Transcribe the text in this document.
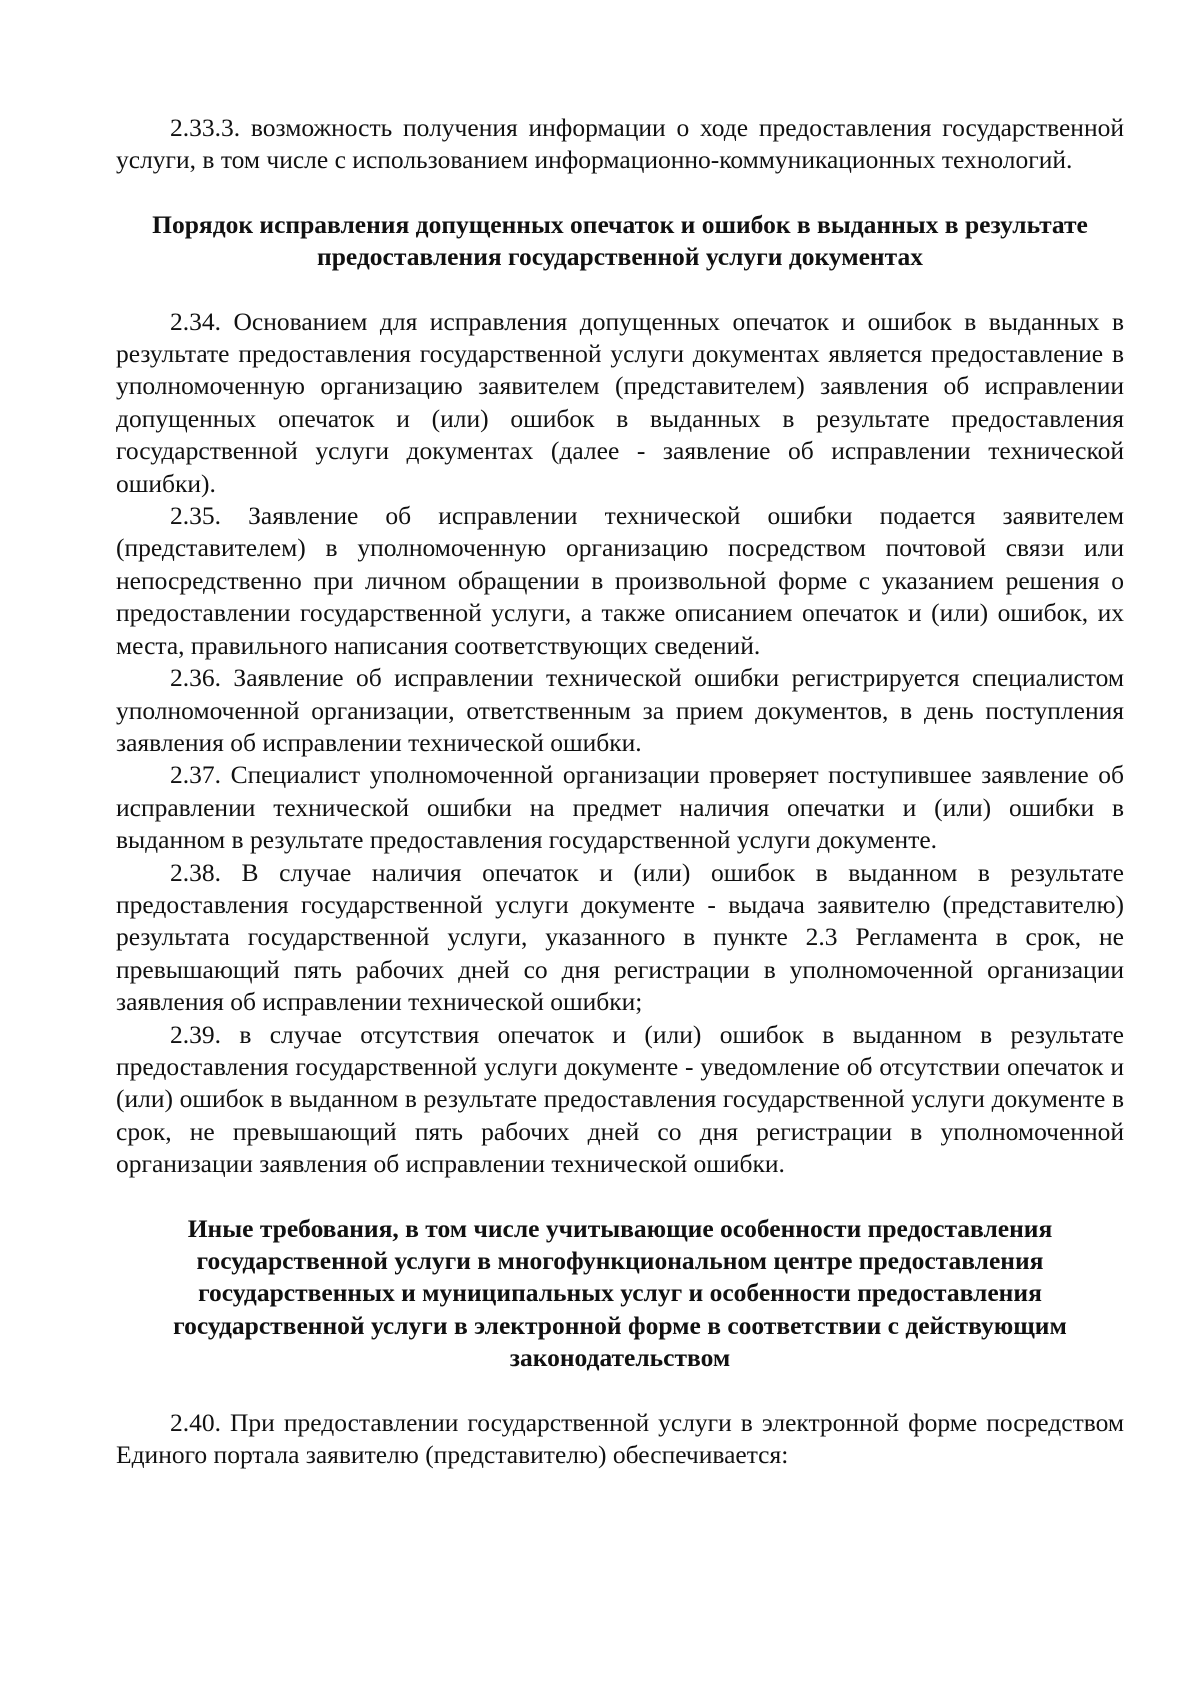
2.33.3. возможность получения информации о ходе предоставления государственной услуги, в том числе с использованием информационно-коммуникационных технологий.

Порядок исправления допущенных опечаток и ошибок в выданных в результате предоставления государственной услуги документах

2.34. Основанием для исправления допущенных опечаток и ошибок в выданных в результате предоставления государственной услуги документах является предоставление в уполномоченную организацию заявителем (представителем) заявления об исправлении допущенных опечаток и (или) ошибок в выданных в результате предоставления государственной услуги документах (далее - заявление об исправлении технической ошибки).

2.35. Заявление об исправлении технической ошибки подается заявителем (представителем) в уполномоченную организацию посредством почтовой связи или непосредственно при личном обращении в произвольной форме с указанием решения о предоставлении государственной услуги, а также описанием опечаток и (или) ошибок, их места, правильного написания соответствующих сведений.

2.36. Заявление об исправлении технической ошибки регистрируется специалистом уполномоченной организации, ответственным за прием документов, в день поступления заявления об исправлении технической ошибки.

2.37. Специалист уполномоченной организации проверяет поступившее заявление об исправлении технической ошибки на предмет наличия опечатки и (или) ошибки в выданном в результате предоставления государственной услуги документе.

2.38. В случае наличия опечаток и (или) ошибок в выданном в результате предоставления государственной услуги документе - выдача заявителю (представителю) результата государственной услуги, указанного в пункте 2.3 Регламента в срок, не превышающий пять рабочих дней со дня регистрации в уполномоченной организации заявления об исправлении технической ошибки;

2.39. в случае отсутствия опечаток и (или) ошибок в выданном в результате предоставления государственной услуги документе - уведомление об отсутствии опечаток и (или) ошибок в выданном в результате предоставления государственной услуги документе в срок, не превышающий пять рабочих дней со дня регистрации в уполномоченной организации заявления об исправлении технической ошибки.

Иные требования, в том числе учитывающие особенности предоставления государственной услуги в многофункциональном центре предоставления государственных и муниципальных услуг и особенности предоставления государственной услуги в электронной форме в соответствии с действующим законодательством

2.40. При предоставлении государственной услуги в электронной форме посредством Единого портала заявителю (представителю) обеспечивается:
